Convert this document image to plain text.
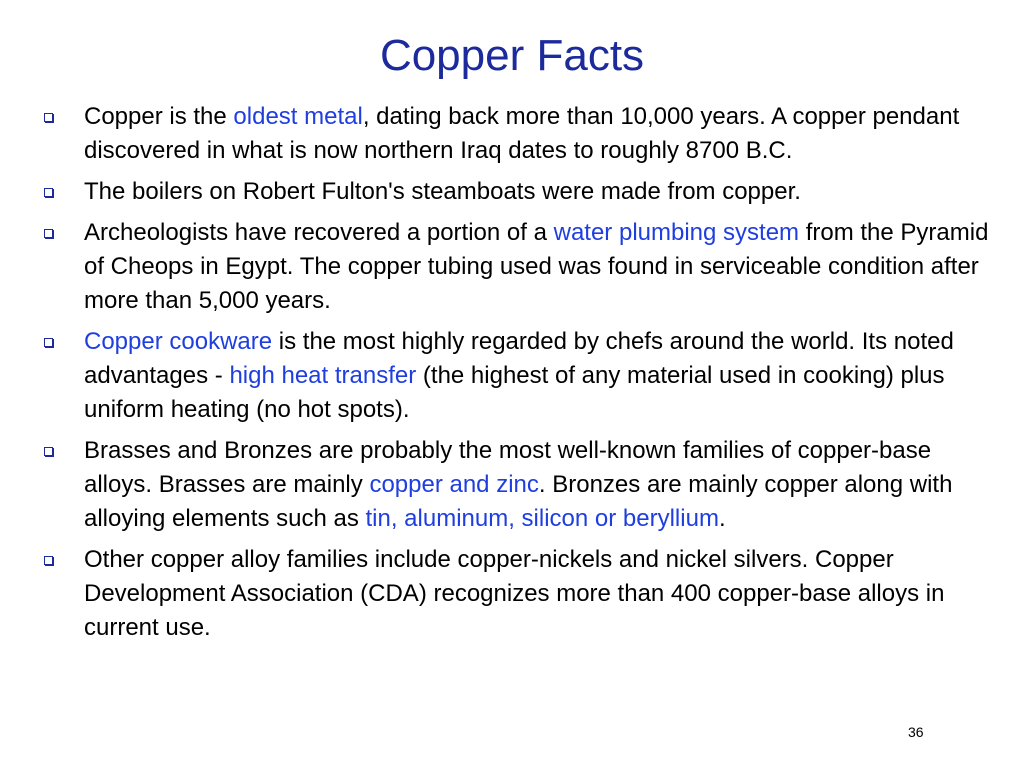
Copper Facts
Copper is the oldest metal, dating back more than 10,000 years. A copper pendant discovered in what is now northern Iraq dates to roughly 8700 B.C.
The boilers on Robert Fulton's steamboats were made from copper.
Archeologists have recovered a portion of a water plumbing system from the Pyramid of Cheops in Egypt. The copper tubing used was found in serviceable condition after more than 5,000 years.
Copper cookware is the most highly regarded by chefs around the world. Its noted advantages - high heat transfer (the highest of any material used in cooking) plus uniform heating (no hot spots).
Brasses and Bronzes are probably the most well-known families of copper-base alloys. Brasses are mainly copper and zinc. Bronzes are mainly copper along with alloying elements such as tin, aluminum, silicon or beryllium.
Other copper alloy families include copper-nickels and nickel silvers. Copper Development Association (CDA) recognizes more than 400 copper-base alloys in current use.
36
